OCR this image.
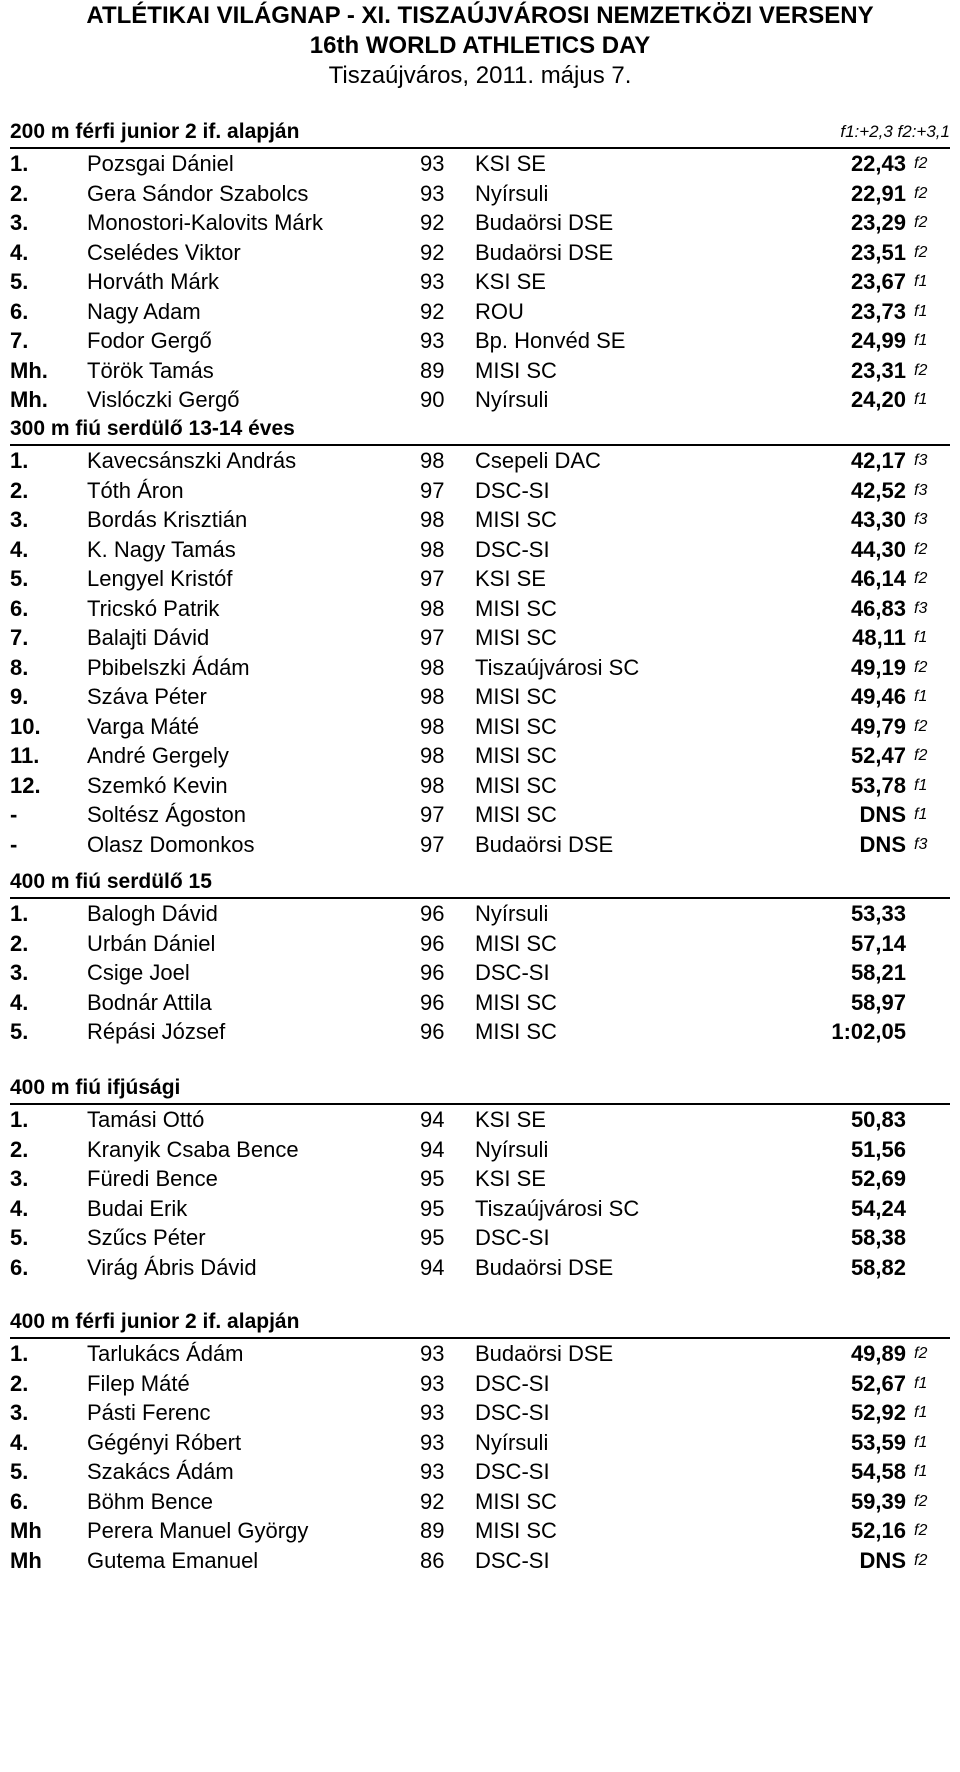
ATLÉTIKAI VILÁGNAP - XI. TISZAÚJVÁROSI NEMZETKÖZI VERSENY
16th WORLD ATHLETICS DAY
Tiszaújváros, 2011. május 7.
200 m férfi junior 2 if. alapján	f1:+2,3 f2:+3,1
1.	Pozsgai Dániel	93 KSI SE	22,43 f2
2.	Gera Sándor Szabolcs	93 Nyírsuli	22,91 f2
3.	Monostori-Kalovits Márk	92 Budaörsi DSE	23,29 f2
4.	Cselédes Viktor	92 Budaörsi DSE	23,51 f2
5.	Horváth Márk	93 KSI SE	23,67 f1
6.	Nagy Adam	92 ROU	23,73 f1
7.	Fodor Gergő	93 Bp. Honvéd SE	24,99 f1
Mh. Török Tamás	89 MISI SC	23,31 f2
Mh. Vislóczki Gergő	90 Nyírsuli	24,20 f1
300 m fiú serdülő 13-14 éves
1.	Kavecsánszki András	98 Csepeli DAC	42,17 f3
2.	Tóth Áron	97 DSC-SI	42,52 f3
3.	Bordás Krisztián	98 MISI SC	43,30 f3
4.	K. Nagy Tamás	98 DSC-SI	44,30 f2
5.	Lengyel Kristóf	97 KSI SE	46,14 f2
6.	Tricskó Patrik	98 MISI SC	46,83 f3
7.	Balajti Dávid	97 MISI SC	48,11 f1
8.	Pbibelszki Ádám	98 Tiszaújvárosi SC	49,19 f2
9.	Száva Péter	98 MISI SC	49,46 f1
10. Varga Máté	98 MISI SC	49,79 f2
11. André Gergely	98 MISI SC	52,47 f2
12. Szemkó Kevin	98 MISI SC	53,78 f1
-	Soltész Ágoston	97 MISI SC	DNS f1
-	Olasz Domonkos	97 Budaörsi DSE	DNS f3
400 m fiú serdülő 15
1.	Balogh Dávid	96 Nyírsuli	53,33
2.	Urbán Dániel	96 MISI SC	57,14
3.	Csige Joel	96 DSC-SI	58,21
4.	Bodnár Attila	96 MISI SC	58,97
5.	Répási József	96 MISI SC	1:02,05
400 m fiú ifjúsági
1.	Tamási Ottó	94 KSI SE	50,83
2.	Kranyik Csaba Bence	94 Nyírsuli	51,56
3.	Füredi Bence	95 KSI SE	52,69
4.	Budai Erik	95 Tiszaújvárosi SC	54,24
5.	Szűcs Péter	95 DSC-SI	58,38
6.	Virág Ábris Dávid	94 Budaörsi DSE	58,82
400 m férfi junior 2 if. alapján
1.	Tarlukács Ádám	93 Budaörsi DSE	49,89 f2
2.	Filep Máté	93 DSC-SI	52,67 f1
3.	Pásti Ferenc	93 DSC-SI	52,92 f1
4.	Gégényi Róbert	93 Nyírsuli	53,59 f1
5.	Szakács Ádám	93 DSC-SI	54,58 f1
6.	Böhm Bence	92 MISI SC	59,39 f2
Mh Perera Manuel György	89 MISI SC	52,16 f2
Mh Gutema Emanuel	86 DSC-SI	DNS f2
